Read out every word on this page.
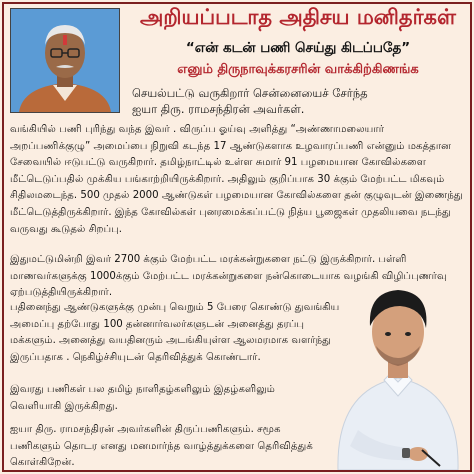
அறியப்படாத அதிசய மனிதர்கள்
“என் கடன் பணி செய்து கிடப்பதே”
எனும் திருநாவுக்கரசரின் வாக்கிற்கிணங்க
செயல்பட்டு வருகிறார் சென்னையைச் சேர்ந்த
ஐயா திரு. ராமசந்திரன் அவர்கள்.

வங்கியில் பணி புரிந்து வந்த இவர் . விருப்ப ஓய்வு அளித்து “அண்ணாமலையார் அறப்பணிக்குழு” அமைப்பை நிறுவி கடந்த 17 ஆண்டுகளாக உழவாரப்பணி என்னும் மகத்தான சேவையில் ஈடுபட்டு வருகிறார். தமிழ்நாட்டில் உள்ள சுமார் 91 பழமையான கோவில்களை மீட்டெடுப்பதில் முக்கிய பங்காற்றியிருக்கிறார். அதிலும் குறிப்பாக 30 க்கும் மேற்பட்ட மிகவும் சிதிலமடைந்த. 500 முதல் 2000 ஆண்டுகள் பழமையான கோவில்களை தன் குழுவுடன் இணைந்து மீட்டெடுத்திருக்கிறார். இந்த கோவில்கள் புனரமைக்கப்பட்டு நித்ய பூஜைகள் முதலியவை நடந்து வருவது கூடுதல் சிறப்பு.

இதுமட்டுமின்றி இவர் 2700 க்கும் மேற்பட்ட மரக்கன்றுகளை நட்டு இருக்கிறார். பள்ளி மாணவர்களுக்கு 1000க்கும் மேற்பட்ட மரக்கன்றுகளை நன்கொடையாக வழங்கி விழிப்புணர்வு ஏற்படுத்தியிருக்கிறார்.

பதினைந்து ஆண்டுகளுக்கு முன்பு வெறும் 5 பேரை கொண்டு துவங்கிய அமைப்பு தற்போது 100 தன்னார்வலர்களுடன் அனைத்து தரப்பு மக்களும். அனைத்து வயதினரும் அடங்கியுள்ள ஆலமரமாக வளர்ந்து இருப்பதாக . நெகிழ்ச்சியுடன் தெரிவித்துக் கொண்டார்.

இவரது பணிகள் பல தமிழ் நாளிதழ்களிலும் இதழ்களிலும் வெளியாகி இருக்கிறது.

ஐயா திரு. ராமசந்திரன் அவர்களின் திருப்பணிகளும். சமூக பணிகளும் தொடர எனது மனமார்ந்த வாழ்த்துக்களை தெரிவித்துக் கொள்கிறேன்.
